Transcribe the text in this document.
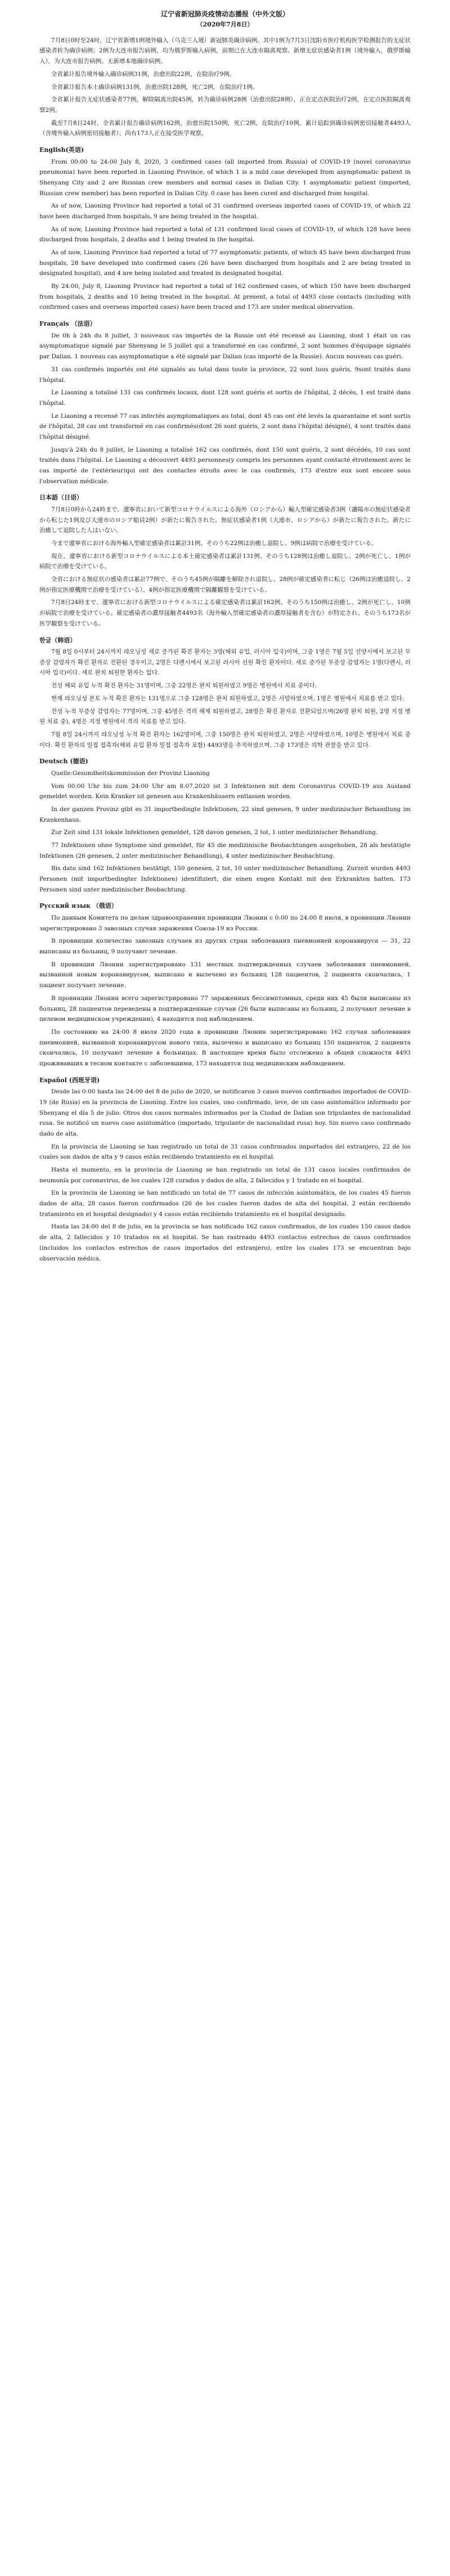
辽宁省新冠肺炎疫情动态播报（中外文版）
（2020年7月8日）

7月8日0时至24时，辽宁省新增1例境外输入（乌克兰入境）新冠肺炎确诊病例。其中1例为7月3日沈阳市医疗机构医学检测报告的无症状感染者转为确诊病例；2例为大连市报告病例，均为俄罗斯输入病例，前期已在大连市隔离观察。新增无症状感染者1例（境外输入，俄罗斯输入），为大连市报告病例。无新增本地确诊病例。

全省累计报告境外输入确诊病例31例，治愈出院22例，在院治疗9例。

全省累计报告本土确诊病例131例，治愈出院128例，死亡2例，在院治疗1例。

全省累计报告无症状感染者77例，解除隔离出院45例，转为确诊病例28例（治愈出院28例），正在定点医院治疗2例，在定点医院隔离观察2例。

截至7月8日24时，全省累计报告确诊病例162例，治愈出院150例，死亡2例，在院治疗10例。累计追踪到确诊病例密切接触者4493人（含境外输入病例密切接触者），尚有173人正在接受医学观察。

English(英语)

From 00:00 to 24:00 July 8, 2020, 3 confirmed cases (all imported from Russia) of COVID-19 (novel coronavirus pneumonia) have been reported in Liaoning Province, of which 1 is a mild case developed from asymptomatic patient in Shenyang City and 2 are Russian crew members and normal cases in Dalian City. 1 asymptomatic patient (imported, Russian crew member) has been reported in Dalian City. 0 case has been cured and discharged from hospital.

As of now, Liaoning Province had reported a total of 31 confirmed overseas imported cases of COVID-19, of which 22 have been discharged from hospitals, 9 are being treated in the hospital.

As of now, Liaoning Province had reported a total of 131 confirmed local cases of COVID-19, of which 128 have been discharged from hospitals, 2 deaths and 1 being treated in the hospital.

As of now, Liaoning Province had reported a total of 77 asymptomatic patients, of which 45 have been discharged from hospitals, 28 have developed into confirmed cases (26 have been discharged from hospitals and 2 are being treated in designated hospital), and 4 are being isolated and treated in designated hospital.

By 24:00, July 8, Liaoning Province had reported a total of 162 confirmed cases, of which 150 have been discharged from hospitals, 2 deaths and 10 being treated in the hospital. At present, a total of 4493 close contacts (including with confirmed cases and overseas imported cases) have been traced and 173 are under medical observation.

Français （法语）

De 0h à 24h du 8 juillet, 3 nouveaux cas importés de la Russie ont été recensé au Liaoning, dont 1 était un cas asymptomatique signalé par Shenyang le 5 juillet qui a transformé en cas confirmé, 2 sont hommes d'équipage signalés par Dalian. 1 nouveau cas asymptomatique a été signalé par Dalian (cas importé de la Russie). Aucun nouveau cas guéri.

31 cas confirmés importés ont été signalés au total dans toute la province, 22 sont tous guéris, 9sont traités dans l'hôpital.

Le Liaoning a totalisé 131 cas confirmés locaux, dont 128 sont guéris et sortis de l'hôpital, 2 décès, 1 est traité dans l'hôpital.

Le Liaoning a recensé 77 cas infectés asymptomatiques au total, dont 45 cas ont été levés la quarantaine et sont sortis de l'hôpital, 28 cas ont transformé en cas confirmés(dont 26 sont guéris, 2 sont dans l'hôpital désigné), 4 sont traités dans l'hôpital désigné.

Jusqu'à 24h du 8 juillet, le Liaoning a totalisé 162 cas confirmés, dont 150 sont guéris, 2 sont décédés, 10 cas sont traités dans l'hôpital. Le Liaoning a découvert 4493 personnes(y compris les personnes ayant contacté étroitement avec le cas importé de l'extérieur)qui ont des contactes étroits avec le cas confirmés, 173 d'entre eux sont encore sous l'observation médicale.

日本語（日语）

7月8日0時から24時まで、遼寧省において新型コロナウイルスによる海外（ロシアから）輸入型確定感染者3例（瀋陽市の無症状感染者から転じた1例及び大連市のロシア船員2例）が新たに報告された。無症状感染者1例（大連市、ロシアから）が新たに報告された。新たに治癒して退院した人はいない。

今まで遼寧省における海外輸入型確定感染者は累計31例、そのうち22例は治癒し退院し、9例は病院で治療を受けている。

現在、遼寧省における新型コロナウイルスによる本土確定感染者は累計131例、そのうち128例は治癒し退院し、2例が死亡し、1例が病院で治療を受けている。

全省における無症状の感染者は累計77例で、そのうち45例が隔離を解除され退院し、28例が確定感染者に転じ（26例は治癒退院し、2例が指定医療機関で治療を受けている）、4例が指定医療機関で隔離観察を受けている。

7月8日24時まで、遼寧省における新型コロナウイルスによる確定感染者は累計162例、そのうち150例は治癒し、2例が死亡し、10例が病院で治療を受けている。確定感染者の濃厚接触者4493名（海外輸入型確定感染者の濃厚接触者を含む）が特定され、そのうち173名が医学観察を受けている。

한글（韩语）

7월 8일 0시부터 24시까지 랴오닝성 새로 증가된 확진 환자는 3명(해외 유입, 러시아 입국)이며, 그중 1명은 7월 5일 선양시에서 보고된 무증상 감염자가 확진 환자로 전환된 경우이고, 2명은 다롄시에서 보고된 러시아 선원 확진 환자이다. 새로 증가된 무증상 감염자는 1명(다롄시, 러시아 입국)이다. 새로 완치 퇴원한 환자는 없다.

전성 해외 유입 누적 확진 환자는 31명이며, 그중 22명은 완치 퇴원하였고 9명은 병원에서 치료 중이다.

현재 랴오닝성 본토 누적 확진 환자는 131명으로 그중 128명은 완치 퇴원하였고, 2명은 사망하였으며, 1명은 병원에서 치료를 받고 있다.

전성 누적 무증상 감염자는 77명이며, 그중 45명은 격리 해제 퇴원하였고, 28명은 확진 환자로 전환되었으며(26명 완치 퇴원, 2명 지정 병원 치료 중), 4명은 지정 병원에서 격리 치료를 받고 있다.

7월 8일 24시까지 랴오닝성 누적 확진 환자는 162명이며, 그중 150명은 완치 퇴원하였고, 2명은 사망하였으며, 10명은 병원에서 치료 중이다. 확진 환자의 밀접 접촉자(해외 유입 환자 밀접 접촉자 포함) 4493명을 추적하였으며, 그중 173명은 의학 관찰을 받고 있다.

Deutsch (德语)

Quelle:Gesundheitskommission der Provinz Liaoning

Vom 00:00 Uhr bis zum 24:00 Uhr am 8.07.2020 ist 3 Infektionen mit dem Coronavirus COVID-19 aus Ausland gemeldet worden. Kein Kranker ist genesen aus Krankenhäusern entlassen worden.

In der ganzen Provinz gibt es 31 importbedingte Infektionen, 22 sind genesen, 9 unter medizinischer Behandlung im Krankenhaus.

Zur Zeit sind 131 lokale Infektionen gemeldet, 128 davon genesen, 2 tot, 1 unter medizinischer Behandlung.

77 Infektionen ohne Symptome sind gemeldet, für 45 die medizinische Beobachtungen ausgehoben, 28 als bestätigte Infektionen (26 genesen, 2 unter medizinischer Behandlung), 4 unter medizinischer Beobachtung.

Bis dato sind 162 Infektionen bestätigt, 150 genesen, 2 tot, 10 unter medizinischer Behandlung. Zurzeit wurden 4493 Personen (mit importbedingter Infektionen) identifiziert, die einen engen Kontakt mit den Erkrankten hatten. 173 Personen sind unter medizinischer Beobachtung.

Русский язык （俄语）

По данным Комитета по делам здравоохранения провинции Ляонин с 0:00 по 24:00 8 июля, в провинции Ляонин зарегистрировано 3 завозных случая заражения Союза-19 из России.

В провинции количество завозных случаев из других стран заболевания пневмонией коронавируса — 31, 22 выписаны из больниц, 9 получают лечение.

В провинции Ляонин зарегистрировано 131 местных подтвержденных случаев заболевания пневмонией, вызванной новым коронавирусом, выписано и вылечено из больниц 128 пациентов, 2 пациента скончались, 1 пациент получает лечение.

В провинции Ляонин всего зарегистрировано 77 зараженных бессимптомных, среди них 45 были выписаны из больниц, 28 пациентов переведены в подтвержденные случаи (26 были выписаны из больниц, 2 получают лечение в целевом медицинском учреждении), 4 находятся под наблюдением.

По состоянию на 24:00 8 июля 2020 года в провинции Ляонин зарегистрировано 162 случая заболевания пневмонией, вызванной коронавирусом нового типа, вылечено и выписано из больниц 150 пациентов, 2 пациента скончались, 10 получают лечение в больницах. В настоящее время было отслежено в общей сложности 4493 проживавших в тесном контакте с заболевшими, 173 находятся под медицинским наблюдением.

Español (西班牙语)

Desde las 0:00 hasta las 24:00 del 8 de julio de 2020, se notificaron 3 casos nuevos confirmados importados de COVID-19 (de Rusia) en la provincia de Liaoning. Entre los cuales, uno confirmado, leve, de un caso asintomático informado por Shenyang el día 5 de julio. Otros dos casos normales informados por la Ciudad de Dalian son tripulantes de nacionalidad rusa. Se notificó un nuevo caso asintomático (importado, tripulante de nacionalidad rusa) hoy. Sin nuevo caso confirmado dado de alta.

En la provincia de Liaoning se han registrado un total de 31 casos confirmados importados del extranjero, 22 de los cuales son dados de alta y 9 casos están recibiendo tratamiento en el hospital.

Hasta el momento, en la provincia de Liaoning se han registrado un total de 131 casos locales confirmados de neumonía por coronavirus, de los cuales 128 curados y dados de alta, 2 fallecidos y 1 tratado en el hospital.

En la provincia de Liaoning se han notificado un total de 77 casos de infección asintomática, de los cuales 45 fueron dados de alta, 28 casos fueron confirmados (26 de los cuales fueron dados de alta del hospital, 2 están recibiendo tratamiento en el hospital designado) y 4 casos están recibiendo tratamiento en el hospital designado.

Hasta las 24:00 del 8 de julio, en la provincia se han notificado 162 casos confirmados, de los cuales 150 casos dados de alta, 2 fallecidos y 10 tratados en el hospital. Se han rastreado 4493 contactos estrechos de casos confirmados (incluidos los contactos estrechos de casos importados del extranjero), entre los cuales 173 se encuentran bajo observación médica.
